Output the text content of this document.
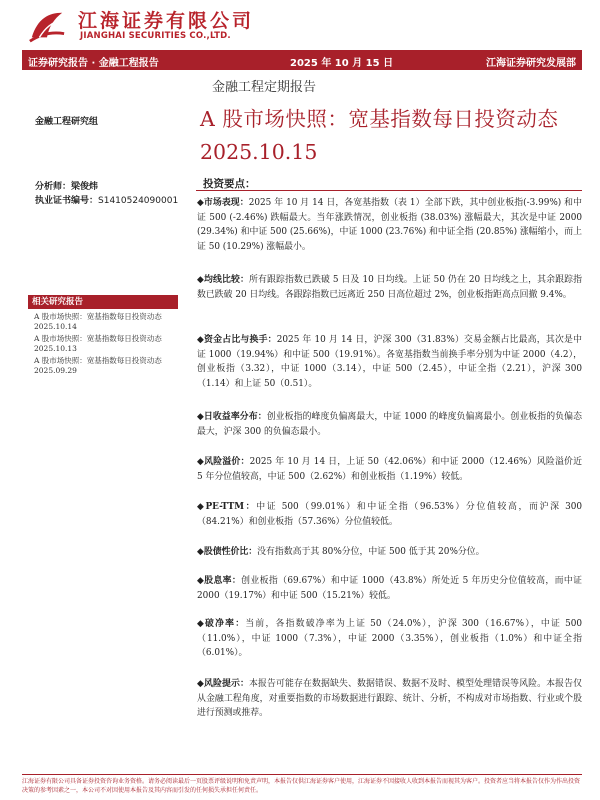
江海证券有限公司
JIANGHAI SECURITIES CO.,LTD.
证券研究报告 · 金融工程报告	2025 年 10 月 15 日	江海证券研究发展部
金融工程定期报告
A 股市场快照：宽基指数每日投资动态
2025.10.15
金融工程研究组
分析师：梁俊炜
执业证书编号：S1410524090001
相关研究报告
A 股市场快照：宽基指数每日投资动态 2025.10.14
A 股市场快照：宽基指数每日投资动态 2025.10.13
A 股市场快照：宽基指数每日投资动态 2025.09.29
投资要点：
◆市场表现：2025 年 10 月 14 日，各宽基指数（表 1）全部下跌，其中创业板指(-3.99%) 和中证 500 (-2.46%) 跌幅最大。当年涨跌情况，创业板指 (38.03%) 涨幅最大，其次是中证 2000 (29.34%) 和中证 500 (25.66%)，中证 1000 (23.76%) 和中证全指 (20.85%) 涨幅缩小，而上证 50 (10.29%) 涨幅最小。
◆均线比较：所有跟踪指数已跌破 5 日及 10 日均线。上证 50 仍在 20 日均线之上，其余跟踪指数已跌破 20 日均线。各跟踪指数已远离近 250 日高位超过 2%，创业板指距高点回撤 9.4%。
◆资金占比与换手：2025 年 10 月 14 日，沪深 300（31.83%）交易金额占比最高，其次是中证 1000（19.94%）和中证 500（19.91%）。各宽基指数当前换手率分别为中证 2000（4.2），创业板指（3.32），中证 1000（3.14），中证 500（2.45），中证全指（2.21），沪深 300（1.14）和上证 50（0.51）。
◆日收益率分布：创业板指的峰度负偏离最大，中证 1000 的峰度负偏离最小。创业板指的负偏态最大，沪深 300 的负偏态最小。
◆风险溢价：2025 年 10 月 14 日，上证 50（42.06%）和中证 2000（12.46%）风险溢价近 5 年分位值较高，中证 500（2.62%）和创业板指（1.19%）较低。
◆PE-TTM：中证 500（99.01%）和中证全指（96.53%）分位值较高，而沪深 300（84.21%）和创业板指（57.36%）分位值较低。
◆股债性价比：没有指数高于其 80%分位，中证 500 低于其 20%分位。
◆股息率：创业板指（69.67%）和中证 1000（43.8%）所处近 5 年历史分位值较高，而中证 2000（19.17%）和中证 500（15.21%）较低。
◆破净率：当前，各指数破净率为上证 50（24.0%），沪深 300（16.67%），中证 500（11.0%），中证 1000（7.3%），中证 2000（3.35%），创业板指（1.0%）和中证全指（6.01%）。
◆风险提示：本报告可能存在数据缺失、数据错误、数据不及时、模型处理错误等风险。本报告仅从金融工程角度，对重要指数的市场数据进行跟踪、统计、分析，不构成对市场指数、行业或个股进行预测或推荐。
江海证券有限公司具备证券投资咨询业务资格。请务必阅读最后一页股票评级说明和免责声明，本报告仅供江海证券客户使用，江海证券不因接收人收到本报告而视其为客户。投资者应当将本报告仅作为作出投资决策的参考因素之一，本公司不对因使用本报告及其内容而引发的任何损失承担任何责任。
